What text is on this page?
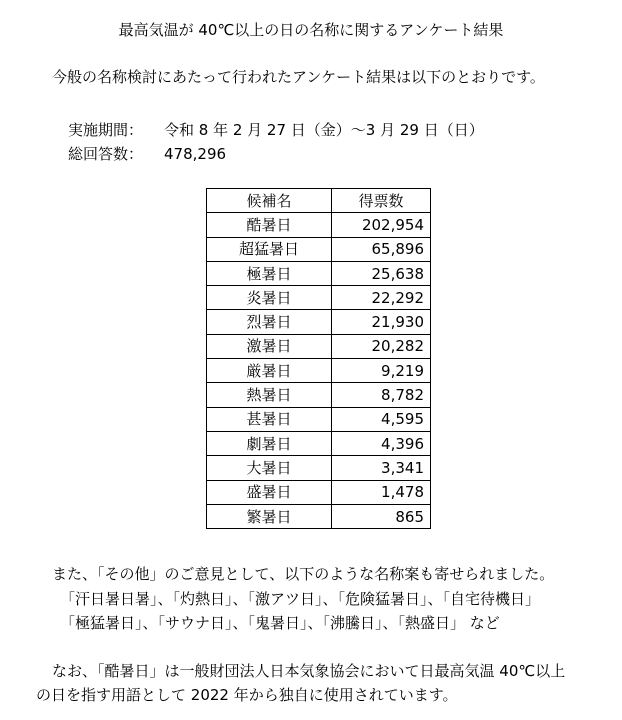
最高気温が 40℃以上の日の名称に関するアンケート結果
今般の名称検討にあたって行われたアンケート結果は以下のとおりです。
実施期間： 令和 8 年 2 月 27 日（金）～3 月 29 日（日）
総回答数： 478,296
候補名	得票数
酷暑日	202,954
超猛暑日	65,896
極暑日	25,638
炎暑日	22,292
烈暑日	21,930
激暑日	20,282
厳暑日	9,219
熱暑日	8,782
甚暑日	4,595
劇暑日	4,396
大暑日	3,341
盛暑日	1,478
繁暑日	865
また、「その他」のご意見として、以下のような名称案も寄せられました。
「汗日暑日暑」、「灼熱日」、「激アツ日」、「危険猛暑日」、「自宅待機日」
「極猛暑日」、「サウナ日」、「鬼暑日」、「沸騰日」、「熱盛日」 など
なお、「酷暑日」は一般財団法人日本気象協会において日最高気温 40℃以上
の日を指す用語として 2022 年から独自に使用されています。
